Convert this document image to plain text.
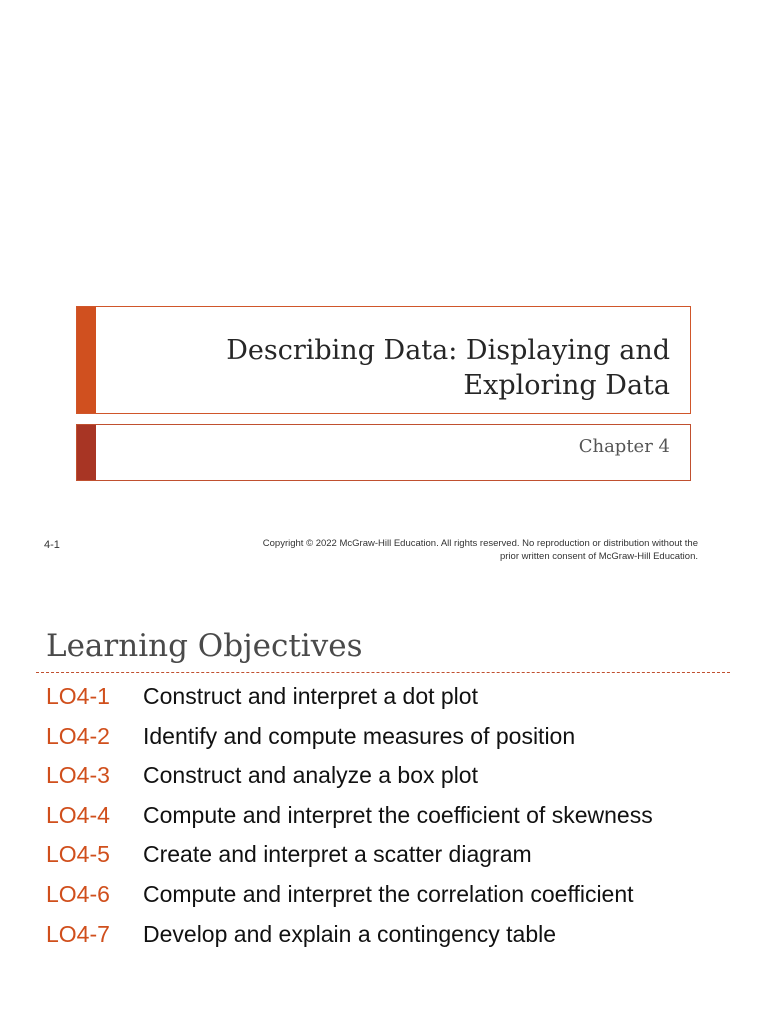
Describing Data: Displaying and
Exploring Data
Chapter 4
4-1	Copyright © 2022 McGraw-Hill Education. All rights reserved. No reproduction or distribution without the
prior written consent of McGraw-Hill Education.
Learning Objectives
LO4-1	Construct and interpret a dot plot
LO4-2	Identify and compute measures of position
LO4-3	Construct and analyze a box plot
LO4-4	Compute and interpret the coefficient of skewness
LO4-5	Create and interpret a scatter diagram
LO4-6	Compute and interpret the correlation coefficient
LO4-7	Develop and explain a contingency table
